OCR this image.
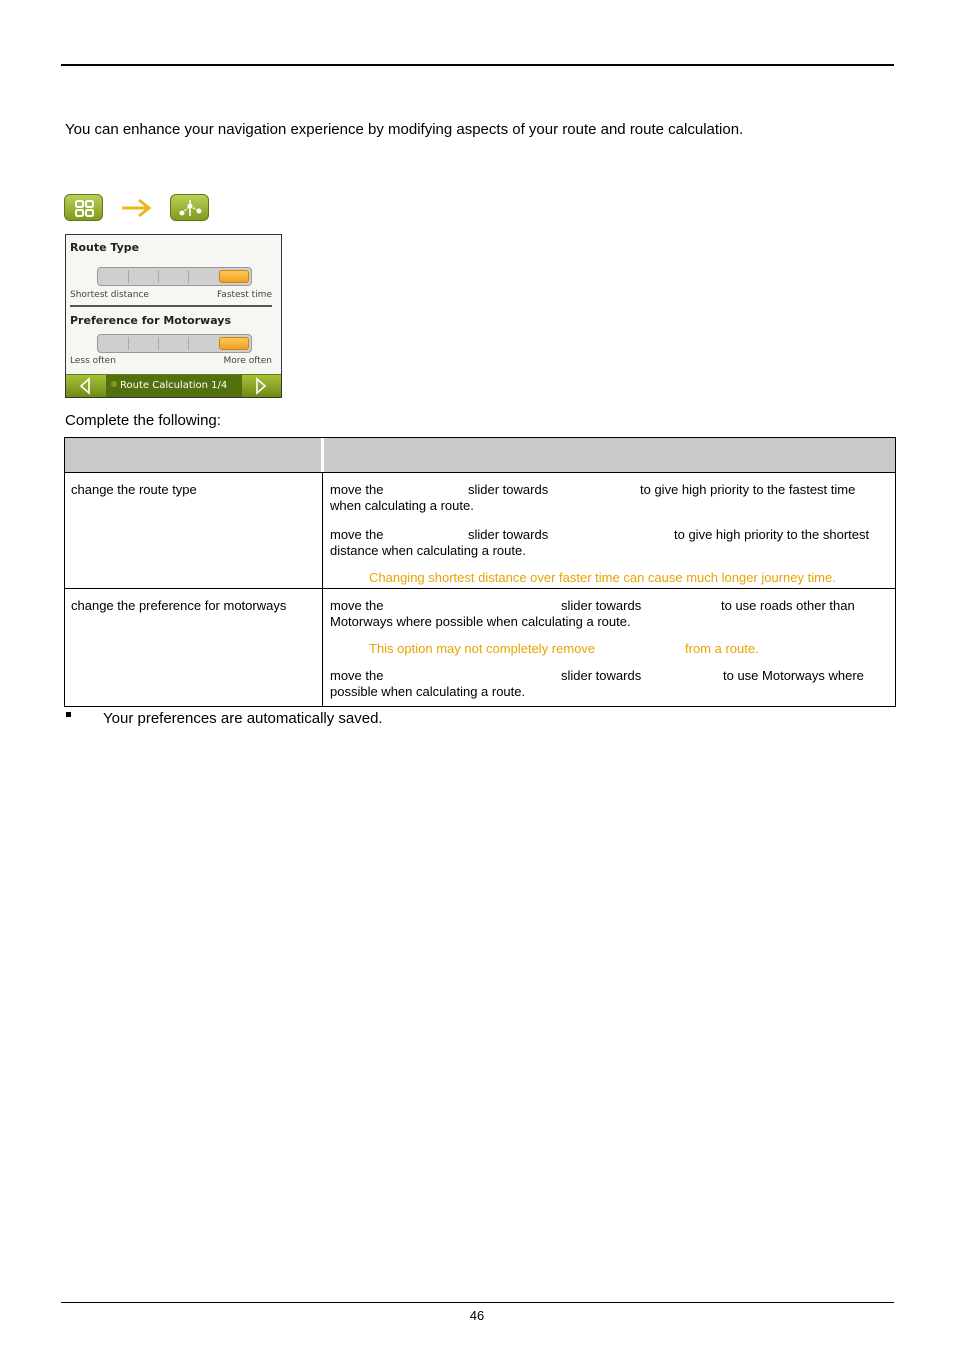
You can enhance your navigation experience by modifying aspects of your route and route calculation.
Route Type
Shortest distance	Fastest time
Preference for Motorways
Less often	More often
Route Calculation 1/4
Complete the following:
change the route type	move the	slider towards	to give high priority to the fastest time
when calculating a route.
move the	slider towards	to give high priority to the shortest
distance when calculating a route.
Changing shortest distance over faster time can cause much longer journey time.
change the preference for motorways	move the	slider towards	to use roads other than
Motorways where possible when calculating a route.
This option may not completely remove	from a route.
move the	slider towards	to use Motorways where
possible when calculating a route.
Your preferences are automatically saved.
46
